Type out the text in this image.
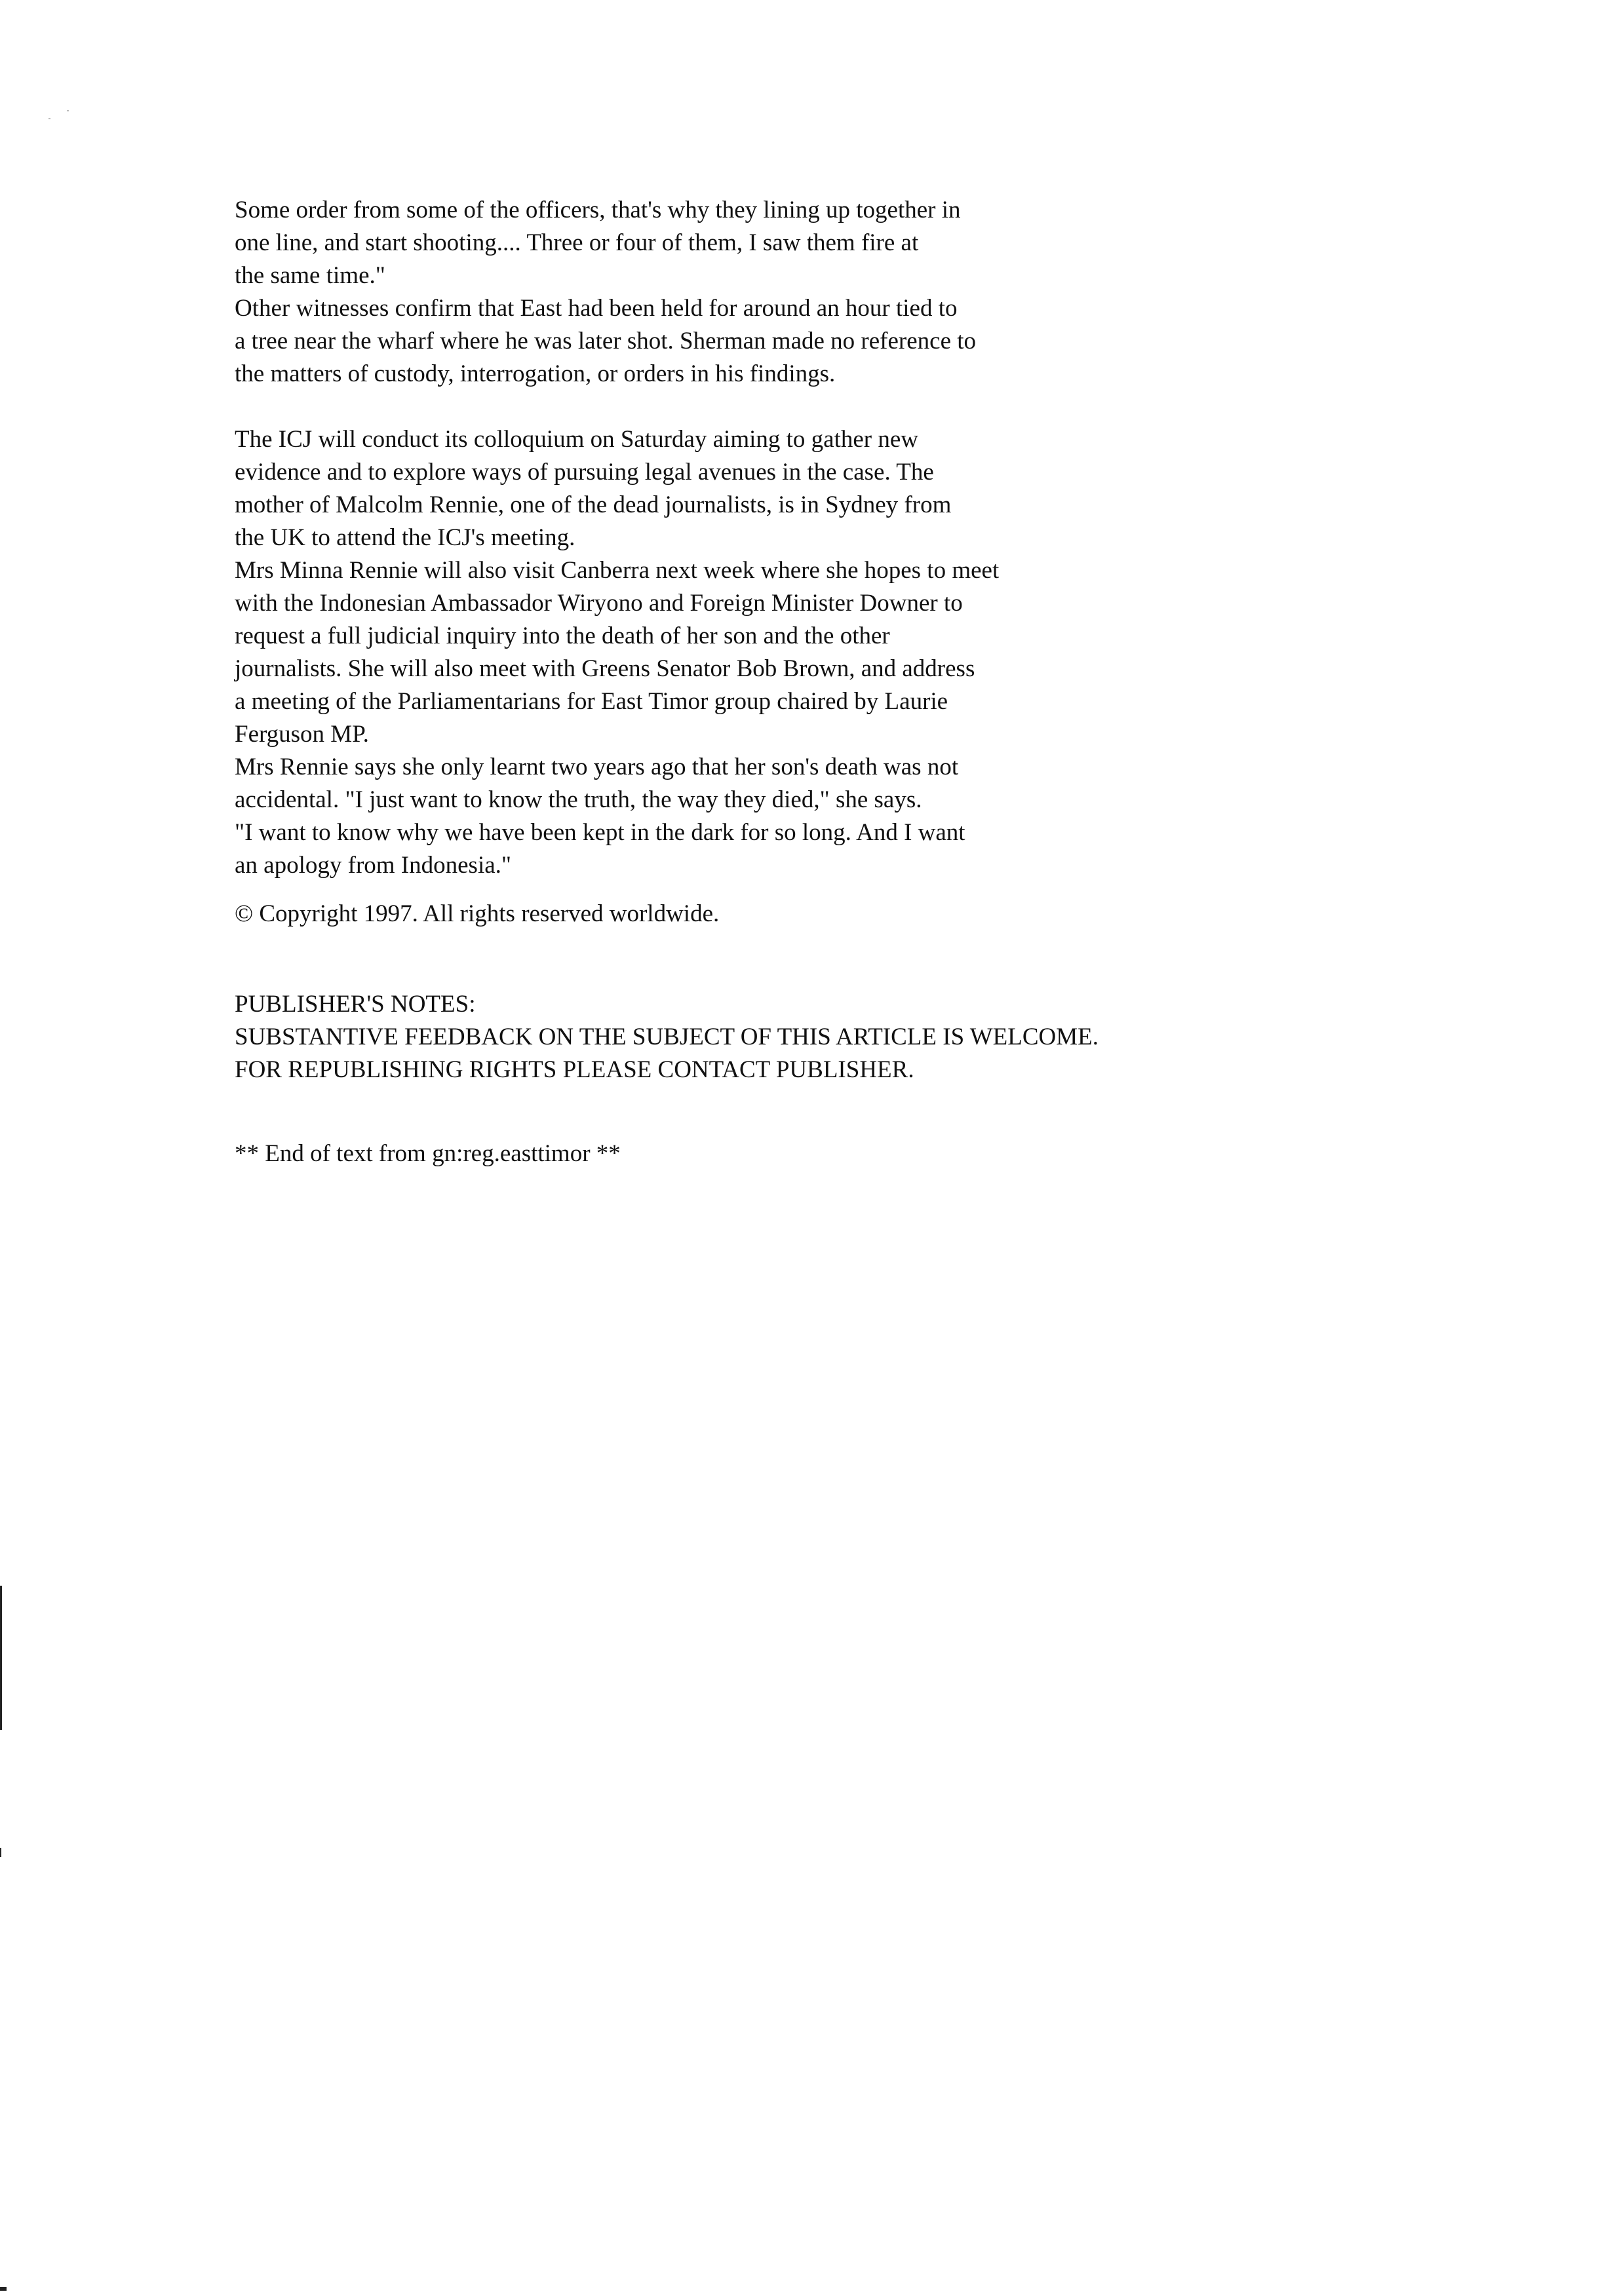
Some order from some of the officers, that's why they lining up together in
one line, and start shooting.... Three or four of them, I saw them fire at
the same time."
Other witnesses confirm that East had been held for around an hour tied to
a tree near the wharf where he was later shot. Sherman made no reference to
the matters of custody, interrogation, or orders in his findings.
The ICJ will conduct its colloquium on Saturday aiming to gather new
evidence and to explore ways of pursuing legal avenues in the case. The
mother of Malcolm Rennie, one of the dead journalists, is in Sydney from
the UK to attend the ICJ's meeting.
Mrs Minna Rennie will also visit Canberra next week where she hopes to meet
with the Indonesian Ambassador Wiryono and Foreign Minister Downer to
request a full judicial inquiry into the death of her son and the other
journalists. She will also meet with Greens Senator Bob Brown, and address
a meeting of the Parliamentarians for East Timor group chaired by Laurie
Ferguson MP.
Mrs Rennie says she only learnt two years ago that her son's death was not
accidental. "I just want to know the truth, the way they died," she says.
"I want to know why we have been kept in the dark for so long. And I want
an apology from Indonesia."
© Copyright 1997. All rights reserved worldwide.
PUBLISHER'S NOTES:
SUBSTANTIVE FEEDBACK ON THE SUBJECT OF THIS ARTICLE IS WELCOME.
FOR REPUBLISHING RIGHTS PLEASE CONTACT PUBLISHER.
** End of text from gn:reg.easttimor **
